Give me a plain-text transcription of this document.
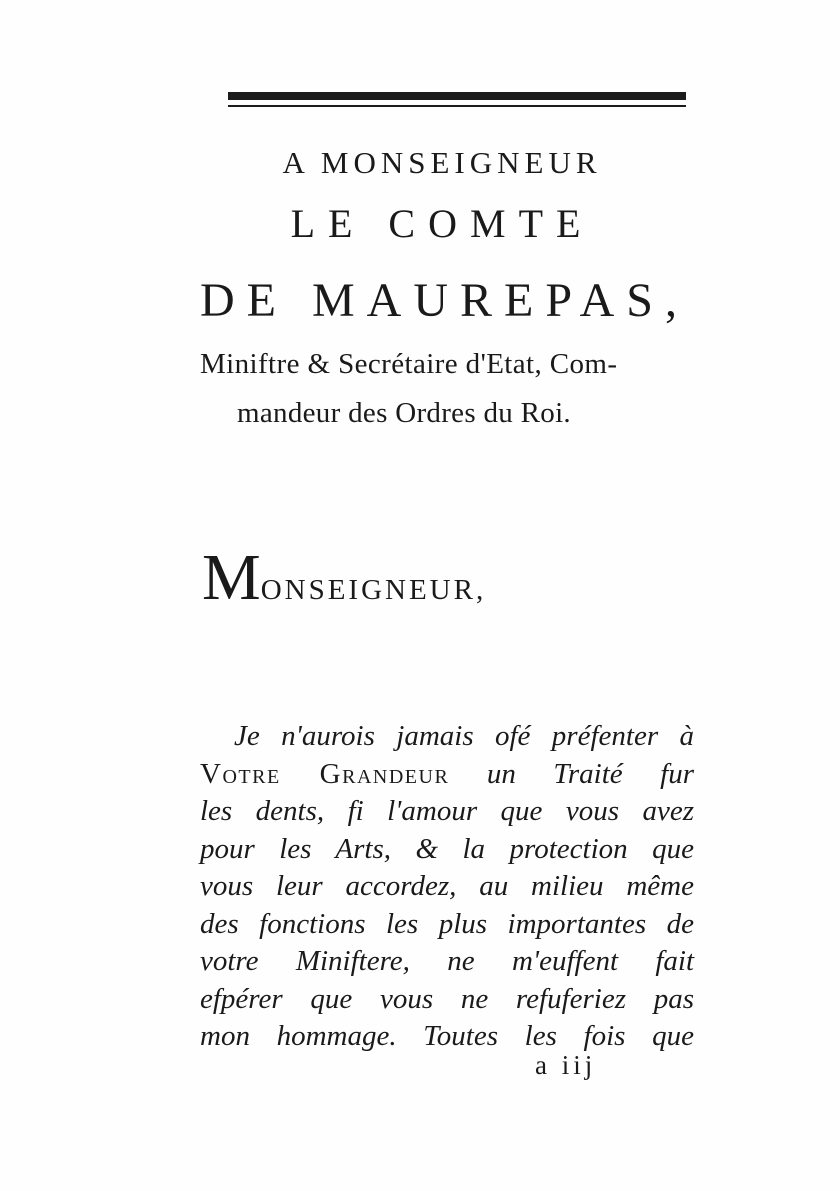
A MONSEIGNEUR
LE COMTE
DE MAUREPAS,
Miniftre & Secrétaire d'Etat, Com-
mandeur des Ordres du Roi.
MONSEIGNEUR,
Je n'aurois jamais ofé préfenter à
Votre Grandeur un Traité fur
les dents, fi l'amour que vous avez
pour les Arts, & la protection que
vous leur accordez, au milieu même
des fonctions les plus importantes de
votre Miniftere, ne m'euffent fait
efpérer que vous ne refuferiez pas
mon hommage. Toutes les fois que
a iij
